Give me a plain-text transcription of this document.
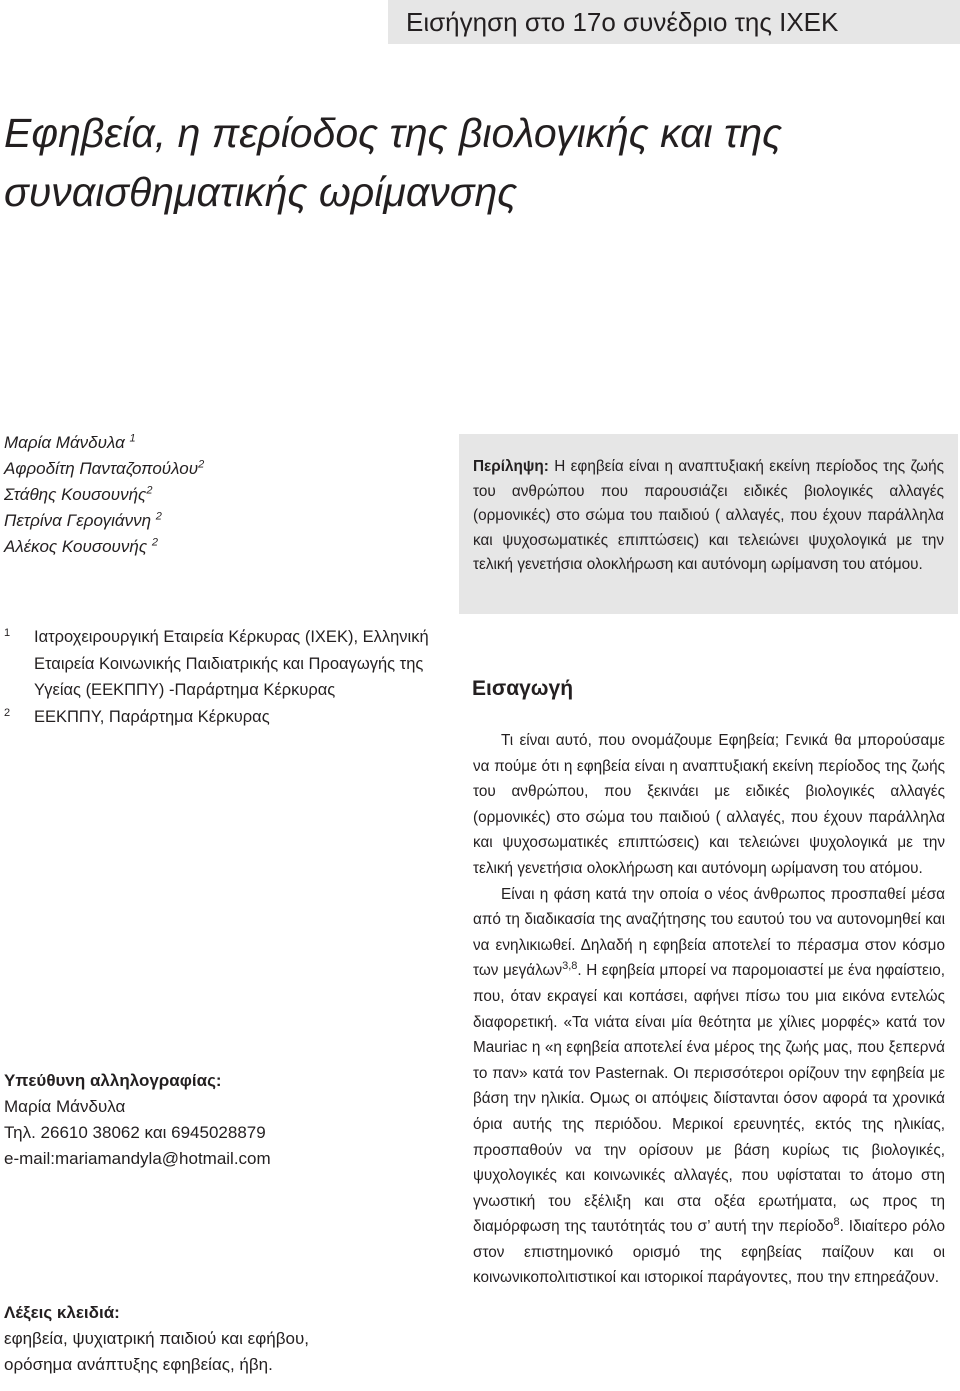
Εισήγηση στο 17ο συνέδριο της ΙΧΕΚ
Εφηβεία, η περίοδος της βιολογικής και της συναισθηματικής ωρίμανσης
Μαρία Μάνδυλα $^1$
Αφροδίτη Πανταζοπούλου$^2$
Στάθης Κουσουνής$^2$
Πετρίνα Γερογιάννη $^2$
Αλέκος Κουσουνής $^2$
1 Ιατροχειρουργική Εταιρεία Κέρκυρας (ΙΧΕΚ), Ελληνική Εταιρεία Κοινωνικής Παιδιατρικής και Προαγωγής της Υγείας (ΕΕΚΠΠΥ) -Παράρτημα Κέρκυρας
2 ΕΕΚΠΠΥ, Παράρτημα Κέρκυρας
Υπεύθυνη αλληλογραφίας:
Μαρία Μάνδυλα
Τηλ. 26610 38062 και 6945028879
e-mail:mariamandyla@hotmail.com
Λέξεις κλειδιά:
εφηβεία, ψυχιατρική παιδιού και εφήβου,
ορόσημα ανάπτυξης εφηβείας, ήβη.
Περίληψη: Η εφηβεία είναι η αναπτυξιακή εκείνη περίοδος της ζωής του ανθρώπου που παρουσιάζει ειδικές βιολογικές αλλαγές (ορμονικές) στο σώμα του παιδιού ( αλλαγές, που έχουν παράλληλα και ψυχοσωματικές επιπτώσεις) και τελειώνει ψυχολογικά με την τελική γενετήσια ολοκλήρωση και αυτόνομη ωρίμανση του ατόμου.
Εισαγωγή

Τι είναι αυτό, που ονομάζουμε Εφηβεία; Γενικά θα μπορούσαμε να πούμε ότι η εφηβεία είναι η αναπτυξιακή εκείνη περίοδος της ζωής του ανθρώπου, που ξεκινάει με ειδικές βιολογικές αλλαγές (ορμονικές) στο σώμα του παιδιού ( αλλαγές, που έχουν παράλληλα και ψυχοσωματικές επιπτώσεις) και τελειώνει ψυχολογικά με την τελική γενετήσια ολοκλήρωση και αυτόνομη ωρίμανση του ατόμου.

Είναι η φάση κατά την οποία ο νέος άνθρωπος προσπαθεί μέσα από τη διαδικασία της αναζήτησης του εαυτού του να αυτονομηθεί και να ενηλικιωθεί. Δηλαδή η εφηβεία αποτελεί το πέρασμα στον κόσμο των μεγάλων$^{3,8}$. Η εφηβεία μπορεί να παρομοιαστεί με ένα ηφαίστειο, που, όταν εκραγεί και κοπάσει, αφήνει πίσω του μια εικόνα εντελώς διαφορετική. «Τα νιάτα είναι μία θεότητα με χίλιες μορφές» κατά τον Mauriac η «η εφηβεία αποτελεί ένα μέρος της ζωής μας, που ξεπερνά το παν» κατά τον Pasternak. Οι περισσότεροι ορίζουν την εφηβεία με βάση την ηλικία. Ομως οι απόψεις διίστανται όσον αφορά τα χρονικά όρια αυτής της περιόδου. Μερικοί ερευνητές, εκτός της ηλικίας, προσπαθούν να την ορίσουν με βάση κυρίως τις βιολογικές, ψυχολογικές και κοινωνικές αλλαγές, που υφίσταται το άτομο στη γνωστική του εξέλιξη και στα οξέα ερωτήματα, ως προς τη διαμόρφωση της ταυτότητάς του σ’ αυτή την περίοδο$^8$. Ιδιαίτερο ρόλο στον επιστημονικό ορισμό της εφηβείας παίζουν και οι κοινωνικοπολιτιστικοί και ιστορικοί παράγοντες, που την επηρεάζουν.
